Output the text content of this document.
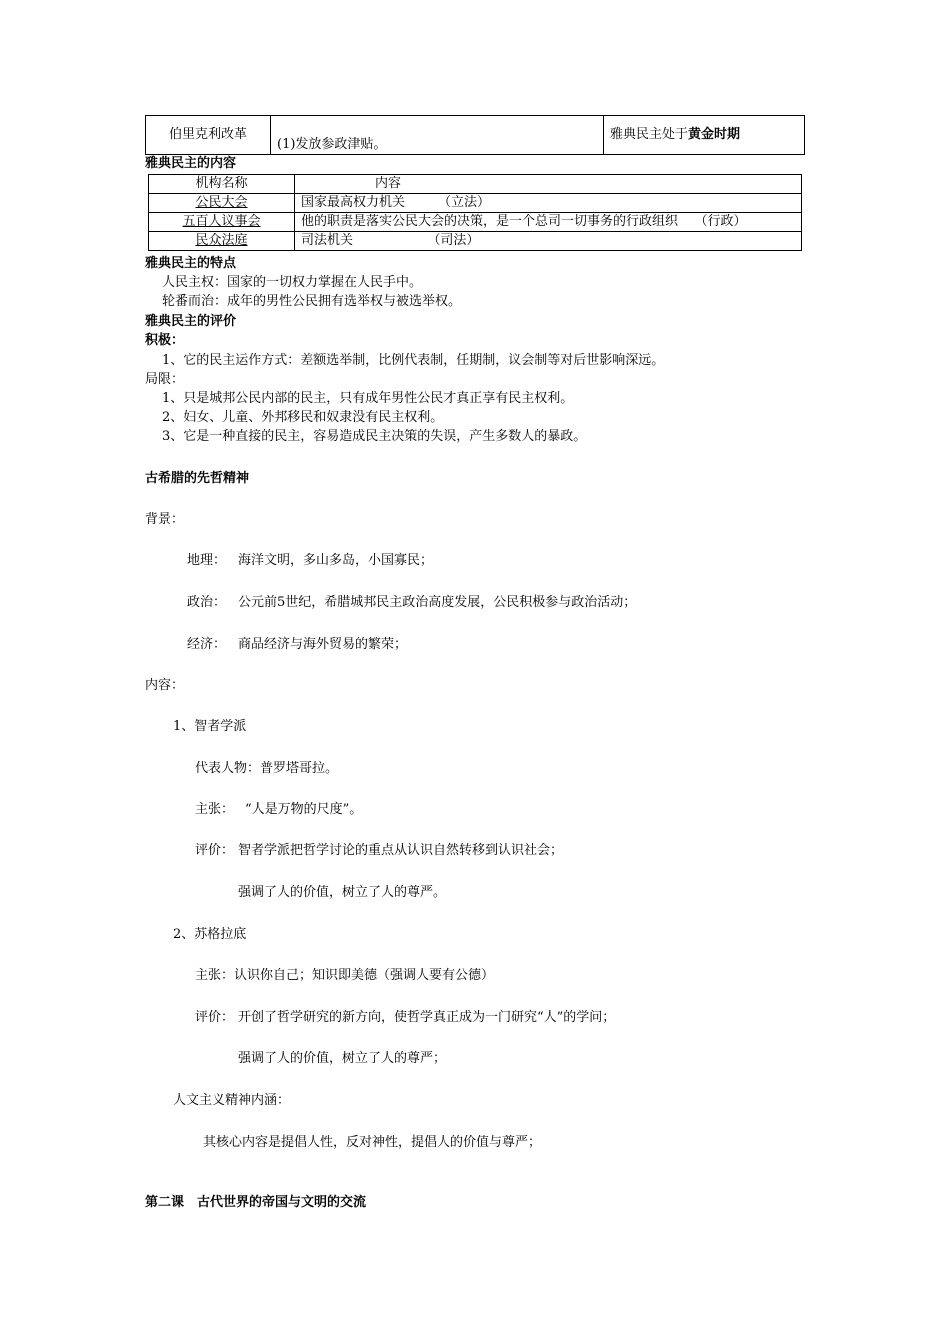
伯里克利改革	(1)发放参政津贴。	雅典民主处于黄金时期
雅典民主的内容
机构名称	内容
公民大会	国家最高权力机关        （立法）
五百人议事会	他的职责是落实公民大会的决策，是一个总司一切事务的行政组织    （行政）
民众法庭	司法机关                  （司法）
雅典民主的特点
人民主权：国家的一切权力掌握在人民手中。
轮番而治：成年的男性公民拥有选举权与被选举权。
雅典民主的评价
积极：
1、它的民主运作方式：差额选举制，比例代表制，任期制，议会制等对后世影响深远。
局限：
1、只是城邦公民内部的民主，只有成年男性公民才真正享有民主权利。
2、妇女、儿童、外邦移民和奴隶没有民主权利。
3、它是一种直接的民主，容易造成民主决策的失误，产生多数人的暴政。
古希腊的先哲精神
背景：
地理： 海洋文明，多山多岛，小国寡民；
政治： 公元前5世纪，希腊城邦民主政治高度发展，公民积极参与政治活动；
经济： 商品经济与海外贸易的繁荣；
内容：
1、智者学派
代表人物：普罗塔哥拉。
主张： “人是万物的尺度”。
评价： 智者学派把哲学讨论的重点从认识自然转移到认识社会；
强调了人的价值，树立了人的尊严。
2、苏格拉底
主张：认识你自己；知识即美德（强调人要有公德）
评价： 开创了哲学研究的新方向，使哲学真正成为一门研究“人”的学问；
强调了人的价值，树立了人的尊严；
人文主义精神内涵：
其核心内容是提倡人性，反对神性，提倡人的价值与尊严；
第二课　古代世界的帝国与文明的交流
